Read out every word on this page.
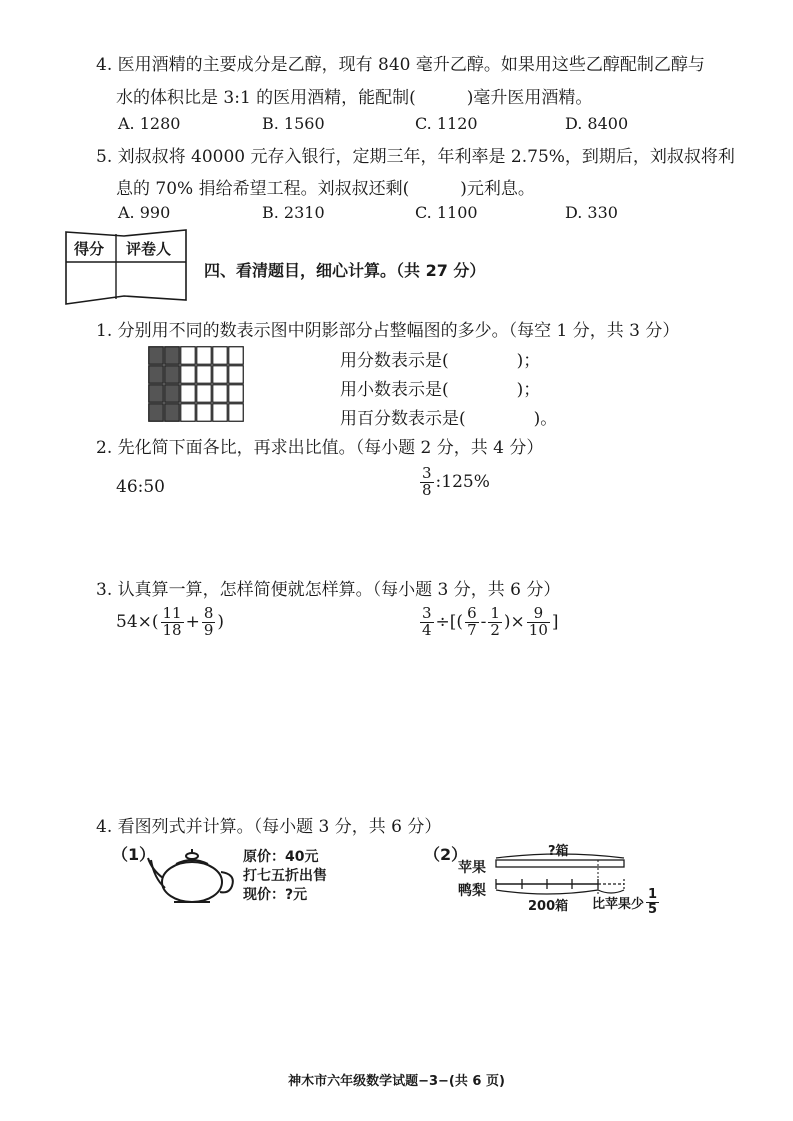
4. 医用酒精的主要成分是乙醇，现有 840 毫升乙醇。如果用这些乙醇配制乙醇与
水的体积比是 3:1 的医用酒精，能配制(　　　)毫升医用酒精。
A. 1280	B. 1560	C. 1120	D. 8400
5. 刘叔叔将 40000 元存入银行，定期三年，年利率是 2.75%，到期后，刘叔叔将利
息的 70% 捐给希望工程。刘叔叔还剩(　　　)元利息。
A. 990	B. 2310	C. 1100	D. 330
得分 评卷人
四、看清题目，细心计算。（共 27 分）
1. 分别用不同的数表示图中阴影部分占整幅图的多少。（每空 1 分，共 3 分）
用分数表示是(　　　　)；
用小数表示是(　　　　)；
用百分数表示是(　　　　)。
2. 先化简下面各比，再求出比值。（每小题 2 分，共 4 分）
46:50	$\frac{3}{8}$ :125%
3. 认真算一算，怎样简便就怎样算。（每小题 3 分，共 6 分）
$54\times( \frac{11}{18} + \frac{8}{9}$ )	$\frac{3}{4}$ ÷[( $\frac{6}{7} - \frac{1}{2}$ )× $\frac{9}{10}$ ]
4. 看图列式并计算。（每小题 3 分，共 6 分）
（1）	原价：40元
打七五折出售
现价：?元
（2）	?箱
苹果
鸭梨
200箱 比苹果少 $\frac{1}{5}$
神木市六年级数学试题−3−(共 6 页)
